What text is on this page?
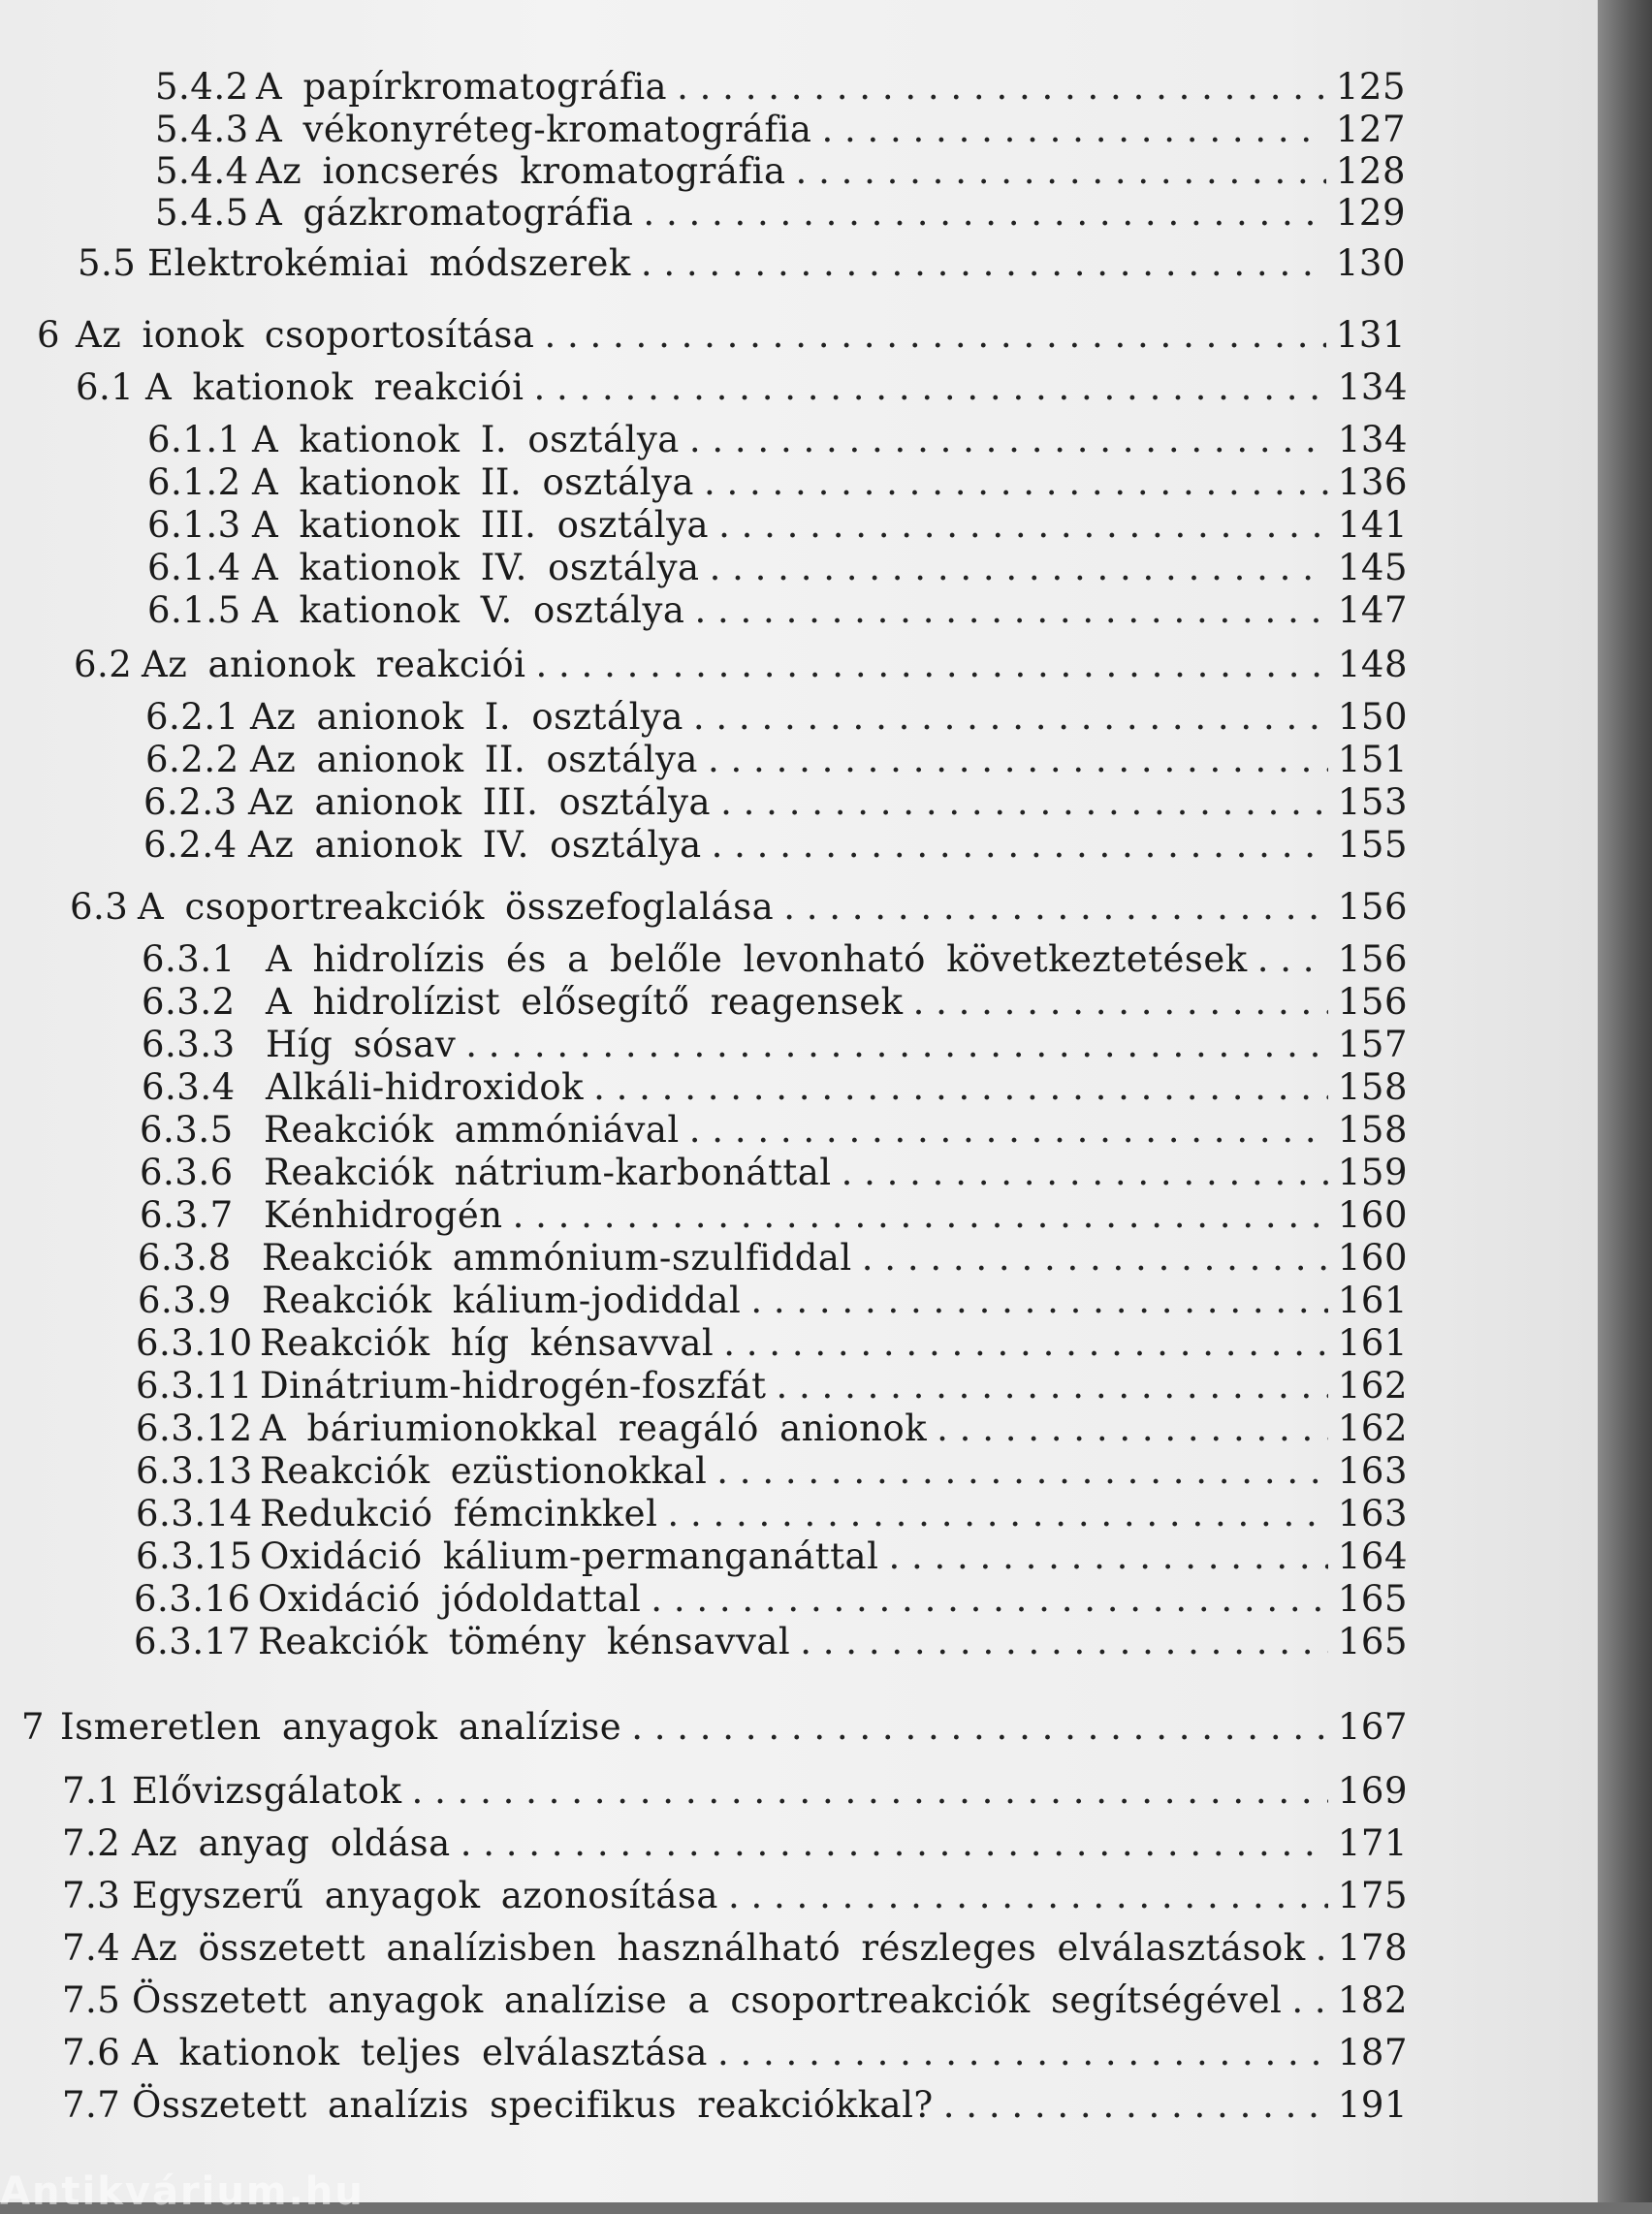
5.4.2 A papírkromatográfia . . .	125
5.4.3 A vékonyréteg-kromatográfia . . .	127
5.4.4 Az ioncserés kromatográfia . . .	128
5.4.5 A gázkromatográfia . . .	129
5.5 Elektrokémiai módszerek . . .	130
6 Az ionok csoportosítása . . .	131
6.1 A kationok reakciói . . .	134
6.1.1 A kationok I. osztálya . . .	134
6.1.2 A kationok II. osztálya . . .	136
6.1.3 A kationok III. osztálya . . .	141
6.1.4 A kationok IV. osztálya . . .	145
6.1.5 A kationok V. osztálya . . .	147
6.2 Az anionok reakciói . . .	148
6.2.1 Az anionok I. osztálya . . .	150
6.2.2 Az anionok II. osztálya . . .	151
6.2.3 Az anionok III. osztálya . . .	153
6.2.4 Az anionok IV. osztálya . . .	155
6.3 A csoportreakciók összefoglalása . . .	156
6.3.1 A hidrolízis és a belőle levonható következtetések . . .	156
6.3.2 A hidrolízist elősegítő reagensek . . .	156
6.3.3 Híg sósav . . .	157
6.3.4 Alkáli-hidroxidok . . .	158
6.3.5 Reakciók ammóniával . . .	158
6.3.6 Reakciók nátrium-karbonáttal . . .	159
6.3.7 Kénhidrogén . . .	160
6.3.8 Reakciók ammónium-szulfiddal . . .	160
6.3.9 Reakciók kálium-jodiddal . . .	161
6.3.10 Reakciók híg kénsavval . . .	161
6.3.11 Dinátrium-hidrogén-foszfát . . .	162
6.3.12 A báriumionokkal reagáló anionok . . .	162
6.3.13 Reakciók ezüstionokkal . . .	163
6.3.14 Redukció fémcinkkel . . .	163
6.3.15 Oxidáció kálium-permanganáttal . . .	164
6.3.16 Oxidáció jódoldattal . . .	165
6.3.17 Reakciók tömény kénsavval . . .	165
7 Ismeretlen anyagok analízise . . .	167
7.1 Elővizsgálatok . . .	169
7.2 Az anyag oldása . . .	171
7.3 Egyszerű anyagok azonosítása . . .	175
7.4 Az összetett analízisben használható részleges elválasztások . . . 178
7.5 Összetett anyagok analízise a csoportreakciók segítségével . . . 182
7.6 A kationok teljes elválasztása . . .	187
7.7 Összetett analízis specifikus reakciókkal? . . .	191
Antikvárium.hu
